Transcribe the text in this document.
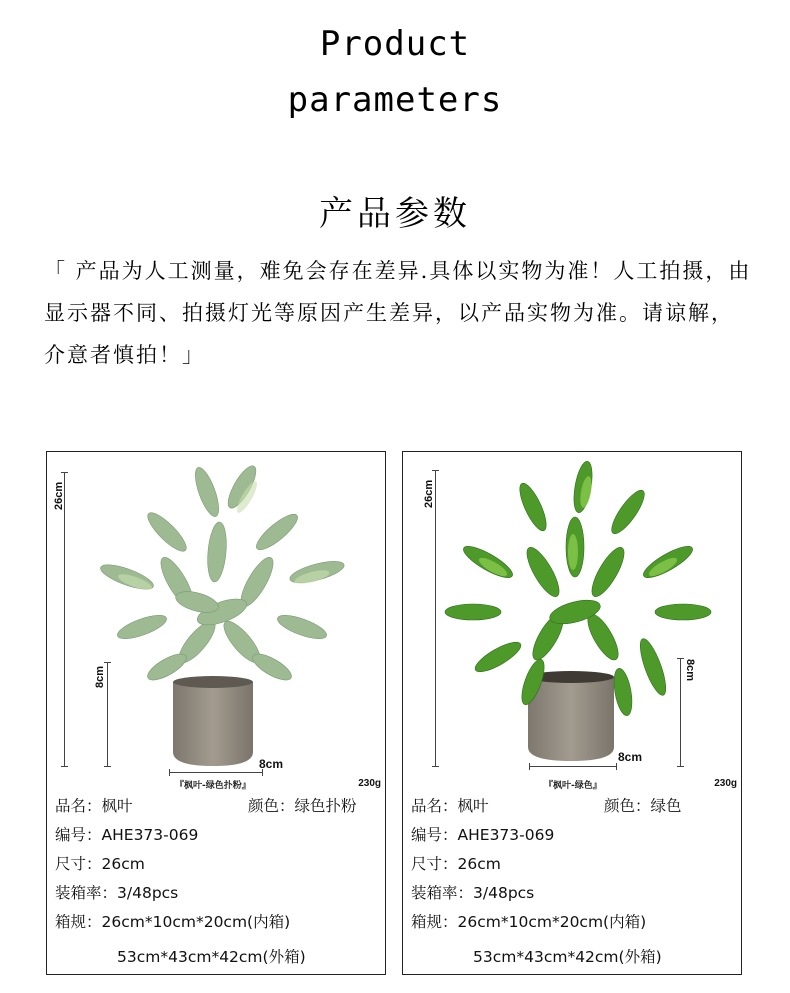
Product
parameters
产品参数
「 产品为人工测量，难免会存在差异.具体以实物为准！人工拍摄，由显示器不同、拍摄灯光等原因产生差异，以产品实物为准。请谅解，介意者慎拍！」
26cm
8cm
8cm
『枫叶-绿色扑粉』	230g
品名：枫叶	颜色：绿色扑粉
编号：AHE373-069
尺寸：26cm
装箱率：3/48pcs
箱规：26cm*10cm*20cm(内箱)
53cm*43cm*42cm(外箱)
26cm
8cm
8cm
『枫叶-绿色』	230g
品名：枫叶	颜色：绿色
编号：AHE373-069
尺寸：26cm
装箱率：3/48pcs
箱规：26cm*10cm*20cm(内箱)
53cm*43cm*42cm(外箱)
